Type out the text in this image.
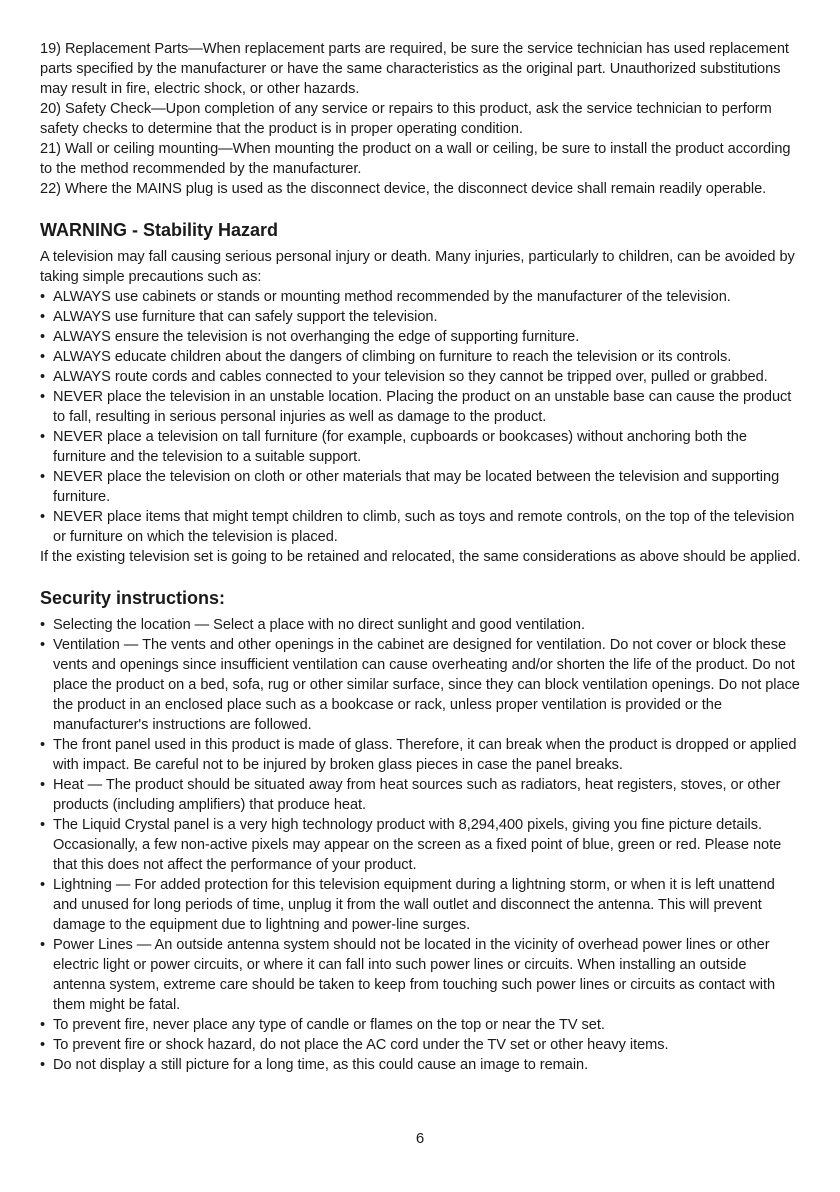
19) Replacement Parts—When replacement parts are required, be sure the service technician has used replacement parts specified by the manufacturer or have the same characteristics as the original part. Unauthorized substitutions may result in fire, electric shock, or other hazards.

20) Safety Check—Upon completion of any service or repairs to this product, ask the service technician to perform safety checks to determine that the product is in proper operating condition.

21) Wall or ceiling mounting—When mounting the product on a wall or ceiling, be sure to install the product according to the method recommended by the manufacturer.

22) Where the MAINS plug is used as the disconnect device, the disconnect device shall remain readily operable.

WARNING - Stability Hazard

A television may fall causing serious personal injury or death. Many injuries, particularly to children, can be avoided by taking simple precautions such as:

• ALWAYS use cabinets or stands or mounting method recommended by the manufacturer of the television.
• ALWAYS use furniture that can safely support the television.
• ALWAYS ensure the television is not overhanging the edge of supporting furniture.
• ALWAYS educate children about the dangers of climbing on furniture to reach the television or its controls.
• ALWAYS route cords and cables connected to your television so they cannot be tripped over, pulled or grabbed.
• NEVER place the television in an unstable location. Placing the product on an unstable base can cause the product to fall, resulting in serious personal injuries as well as damage to the product.
• NEVER place a television on tall furniture (for example, cupboards or bookcases) without anchoring both the furniture and the television to a suitable support.
• NEVER place the television on cloth or other materials that may be located between the television and supporting furniture.
• NEVER place items that might tempt children to climb, such as toys and remote controls, on the top of the television or furniture on which the television is placed.

If the existing television set is going to be retained and relocated, the same considerations as above should be applied.

Security instructions:
• Selecting the location — Select a place with no direct sunlight and good ventilation.
• Ventilation — The vents and other openings in the cabinet are designed for ventilation. Do not cover or block these vents and openings since insufficient ventilation can cause overheating and/or shorten the life of the product. Do not place the product on a bed, sofa, rug or other similar surface, since they can block ventilation openings. Do not place the product in an enclosed place such as a bookcase or rack, unless proper ventilation is provided or the manufacturer's instructions are followed.
• The front panel used in this product is made of glass. Therefore, it can break when the product is dropped or applied with impact. Be careful not to be injured by broken glass pieces in case the panel breaks.
• Heat — The product should be situated away from heat sources such as radiators, heat registers, stoves, or other products (including amplifiers) that produce heat.
• The Liquid Crystal panel is a very high technology product with 8,294,400 pixels, giving you fine picture details. Occasionally, a few non-active pixels may appear on the screen as a fixed point of blue, green or red. Please note that this does not affect the performance of your product.
• Lightning — For added protection for this television equipment during a lightning storm, or when it is left unattend and unused for long periods of time, unplug it from the wall outlet and disconnect the antenna. This will prevent damage to the equipment due to lightning and power-line surges.
• Power Lines — An outside antenna system should not be located in the vicinity of overhead power lines or other electric light or power circuits, or where it can fall into such power lines or circuits. When installing an outside antenna system, extreme care should be taken to keep from touching such power lines or circuits as contact with them might be fatal.
• To prevent fire, never place any type of candle or flames on the top or near the TV set.
• To prevent fire or shock hazard, do not place the AC cord under the TV set or other heavy items.
• Do not display a still picture for a long time, as this could cause an image to remain.
6
